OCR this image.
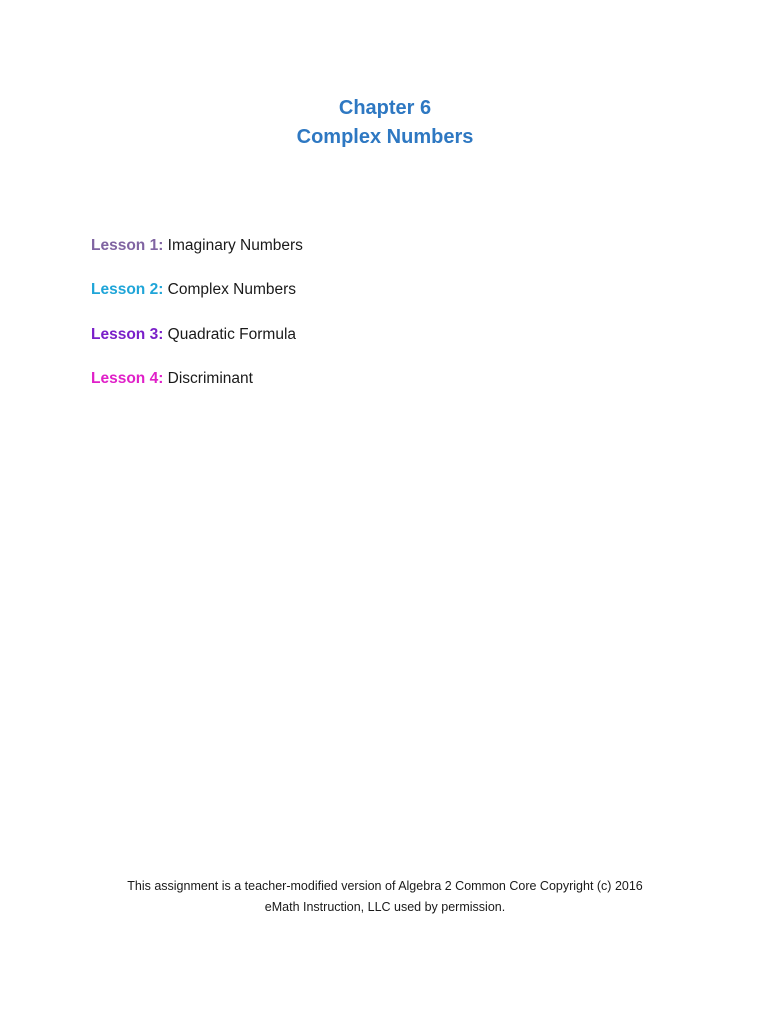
Chapter 6
Complex Numbers
Lesson 1: Imaginary Numbers
Lesson 2: Complex Numbers
Lesson 3: Quadratic Formula
Lesson 4: Discriminant
This assignment is a teacher-modified version of Algebra 2 Common Core Copyright (c) 2016
eMath Instruction, LLC used by permission.
